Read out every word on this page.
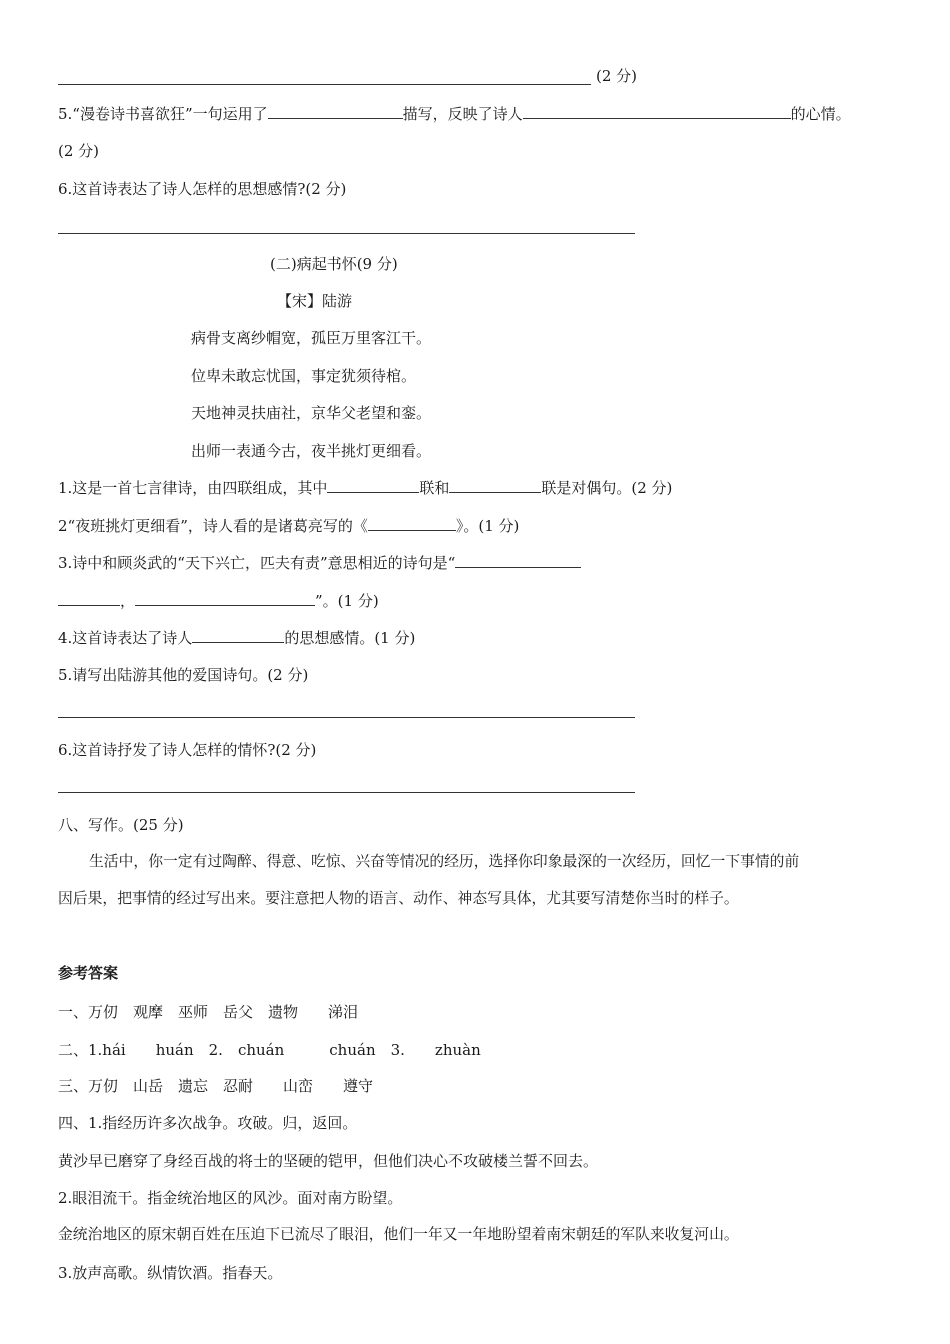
(2 分)
5.“漫卷诗书喜欲狂”一句运用了	描写，反映了诗人	的心情。
(2 分)
6.这首诗表达了诗人怎样的思想感情?(2 分)
(二)病起书怀(9 分)
【宋】陆游
病骨支离纱帽宽，孤臣万里客江干。
位卑未敢忘忧国，事定犹须待棺。
天地神灵扶庙社，京华父老望和銮。
出师一表通今古，夜半挑灯更细看。
1.这是一首七言律诗，由四联组成，其中	联和	联是对偶句。(2 分)
2“夜班挑灯更细看”，诗人看的是诸葛亮写的《	》。(1 分)
3.诗中和顾炎武的“天下兴亡，匹夫有责”意思相近的诗句是“
，	”。(1 分)
4.这首诗表达了诗人	的思想感情。(1 分)
5.请写出陆游其他的爱国诗句。(2 分)
6.这首诗抒发了诗人怎样的情怀?(2 分)
八、写作。(25 分)
生活中，你一定有过陶醉、得意、吃惊、兴奋等情况的经历，选择你印象最深的一次经历，回忆一下事情的前
因后果，把事情的经过写出来。要注意把人物的语言、动作、神态写具体，尤其要写清楚你当时的样子。
参考答案
一、万仞　观摩　巫师　岳父　遗物　　涕泪
二、1.hái　　huán　2.　chuán　　　chuán　3.　　zhuàn
三、万仞　山岳　遗忘　忍耐　　山峦　　遵守
四、1.指经历许多次战争。攻破。归，返回。
黄沙早已磨穿了身经百战的将士的坚硬的铠甲，但他们决心不攻破楼兰誓不回去。
2.眼泪流干。指金统治地区的风沙。面对南方盼望。
金统治地区的原宋朝百姓在压迫下已流尽了眼泪，他们一年又一年地盼望着南宋朝廷的军队来收复河山。
3.放声高歌。纵情饮酒。指春天。
